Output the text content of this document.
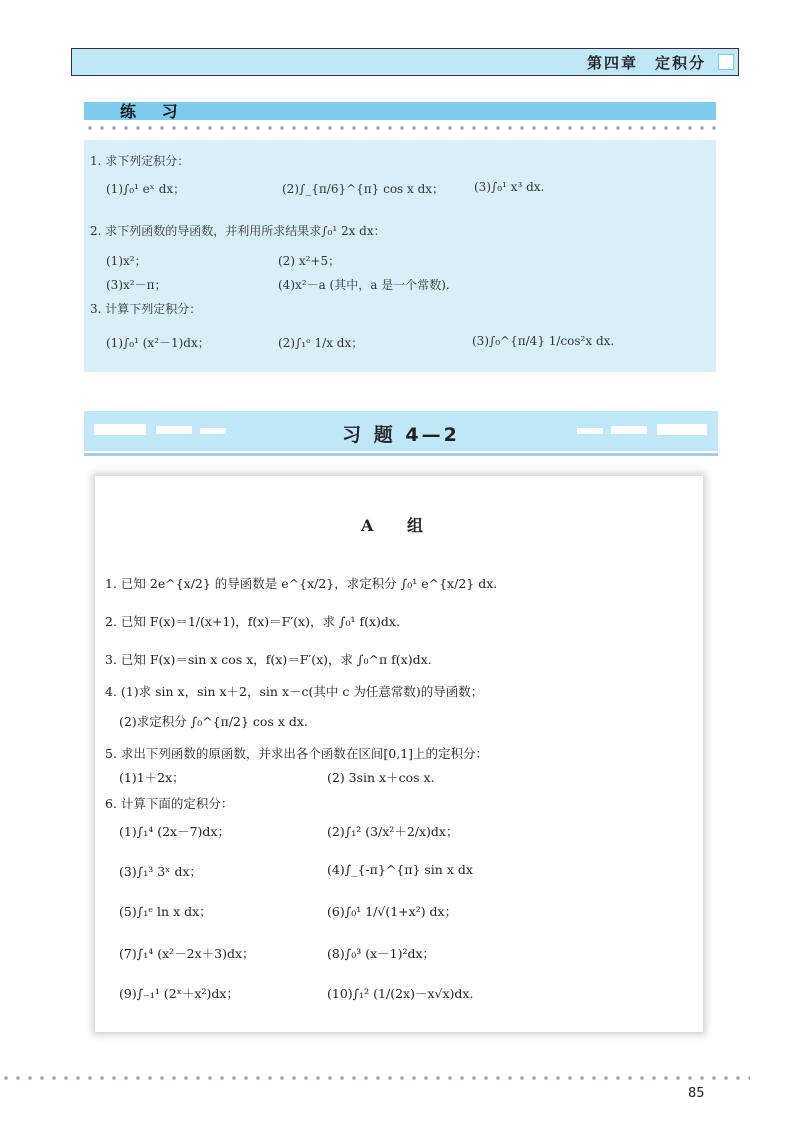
第四章　定积分
练 习
1. 求下列定积分：
(1)∫₀¹ eˣ dx；	(2)∫_{π/6}^{π} cos x dx； (3)∫₀¹ x³ dx.
2. 求下列函数的导函数，并利用所求结果求∫₀¹ 2x dx：
(1)x²；	(2) x²+5；
(3)x²－π；	(4)x²－a (其中，a 是一个常数).
3. 计算下列定积分：
(1)∫₀¹ (x²－1)dx；	(2)∫₁ᵉ 1/x dx；	(3)∫₀^{π/4} 1/cos²x dx.
习 题 4—2
A 组
1. 已知 2e^{x/2} 的导函数是 e^{x/2}，求定积分 ∫₀¹ e^{x/2} dx.
2. 已知 F(x)＝1/(x+1)，f(x)＝F′(x)，求 ∫₀¹ f(x)dx.
3. 已知 F(x)＝sin x cos x，f(x)＝F′(x)，求 ∫₀^π f(x)dx.
4. (1)求 sin x，sin x＋2，sin x－c(其中 c 为任意常数)的导函数；
(2)求定积分 ∫₀^{π/2} cos x dx.
5. 求出下列函数的原函数，并求出各个函数在区间[0,1]上的定积分：
(1)1＋2x；	(2) 3sin x＋cos x.
6. 计算下面的定积分：
(1)∫₁⁴ (2x－7)dx；	(2)∫₁² (3/x²＋2/x)dx；
(3)∫₁³ 3ˣ dx；	(4)∫_{-π}^{π} sin x dx
(5)∫₁ᵉ ln x dx；	(6)∫₀¹ 1/√(1+x²) dx；
(7)∫₁⁴ (x²－2x＋3)dx；	(8)∫₀³ (x－1)²dx；
(9)∫₋₁¹ (2ˣ＋x²)dx；	(10)∫₁² (1/(2x)－x√x)dx.
85
